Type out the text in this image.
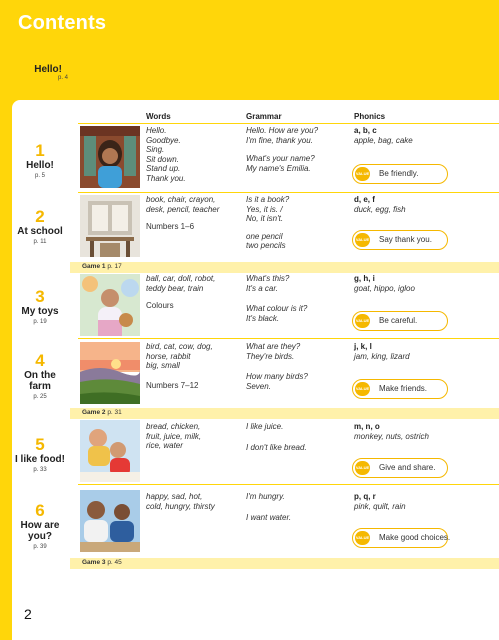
Contents
Hello!
p. 4
Words	Grammar	Phonics
Game 1 p. 17
Game 2 p. 31
Game 3 p. 45
1
Hello!
p. 5
Hello.
Goodbye.
Sing.
Sit down.
Stand up.
Thank you.
Hello. How are you?
I'm fine, thank you.
What's your name?
My name's Emilia.
a, b, c
apple, bag, cake
VALUE Be friendly.
2
At school
p. 11
book, chair, crayon,
desk, pencil, teacher
Numbers 1–6
Is it a book?
Yes, it is. /
No, it isn't.
one pencil
two pencils
d, e, f
duck, egg, fish
VALUE Say thank you.
3
My toys
p. 19
ball, car, doll, robot,
teddy bear, train
Colours
What's this?
It's a car.
What colour is it?
It's black.
g, h, i
goat, hippo, igloo
VALUE Be careful.
4
On the
farm
p. 25
bird, cat, cow, dog,
horse, rabbit
big, small
Numbers 7–12
What are they?
They're birds.
How many birds?
Seven.
j, k, l
jam, king, lizard
VALUE Make friends.
5
I like food!
p. 33
bread, chicken,
fruit, juice, milk,
rice, water
I like juice.
I don't like bread.
m, n, o
monkey, nuts, ostrich
VALUE Give and share.
6
How are
you?
p. 39
happy, sad, hot,
cold, hungry, thirsty
I'm hungry.
I want water.
p, q, r
pink, quilt, rain
VALUE Make good choices.
2
